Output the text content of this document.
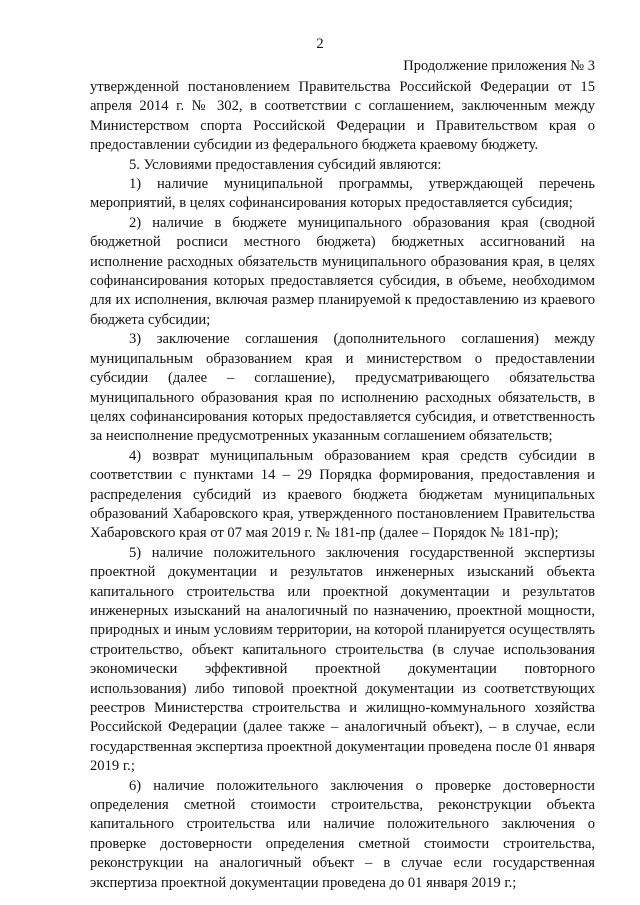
2
Продолжение приложения № 3

утвержденной постановлением Правительства Российской Федерации от 15 апреля 2014 г. № 302, в соответствии с соглашением, заключенным между Министерством спорта Российской Федерации и Правительством края о предоставлении субсидии из федерального бюджета краевому бюджету.

5. Условиями предоставления субсидий являются:

1) наличие муниципальной программы, утверждающей перечень мероприятий, в целях софинансирования которых предоставляется субсидия;

2) наличие в бюджете муниципального образования края (сводной бюджетной росписи местного бюджета) бюджетных ассигнований на исполнение расходных обязательств муниципального образования края, в целях софинансирования которых предоставляется субсидия, в объеме, необходимом для их исполнения, включая размер планируемой к предоставлению из краевого бюджета субсидии;

3) заключение соглашения (дополнительного соглашения) между муниципальным образованием края и министерством о предоставлении субсидии (далее – соглашение), предусматривающего обязательства муниципального образования края по исполнению расходных обязательств, в целях софинансирования которых предоставляется субсидия, и ответственность за неисполнение предусмотренных указанным соглашением обязательств;

4) возврат муниципальным образованием края средств субсидии в соответствии с пунктами 14 – 29 Порядка формирования, предоставления и распределения субсидий из краевого бюджета бюджетам муниципальных образований Хабаровского края, утвержденного постановлением Правительства Хабаровского края от 07 мая 2019 г. № 181-пр (далее – Порядок № 181-пр);

5) наличие положительного заключения государственной экспертизы проектной документации и результатов инженерных изысканий объекта капитального строительства или проектной документации и результатов инженерных изысканий на аналогичный по назначению, проектной мощности, природных и иным условиям территории, на которой планируется осуществлять строительство, объект капитального строительства (в случае использования экономически эффективной проектной документации повторного использования) либо типовой проектной документации из соответствующих реестров Министерства строительства и жилищно-коммунального хозяйства Российской Федерации (далее также – аналогичный объект), – в случае, если государственная экспертиза проектной документации проведена после 01 января 2019 г.;

6) наличие положительного заключения о проверке достоверности определения сметной стоимости строительства, реконструкции объекта капитального строительства или наличие положительного заключения о проверке достоверности определения сметной стоимости строительства, реконструкции на аналогичный объект – в случае если государственная экспертиза проектной документации проведена до 01 января 2019 г.;
